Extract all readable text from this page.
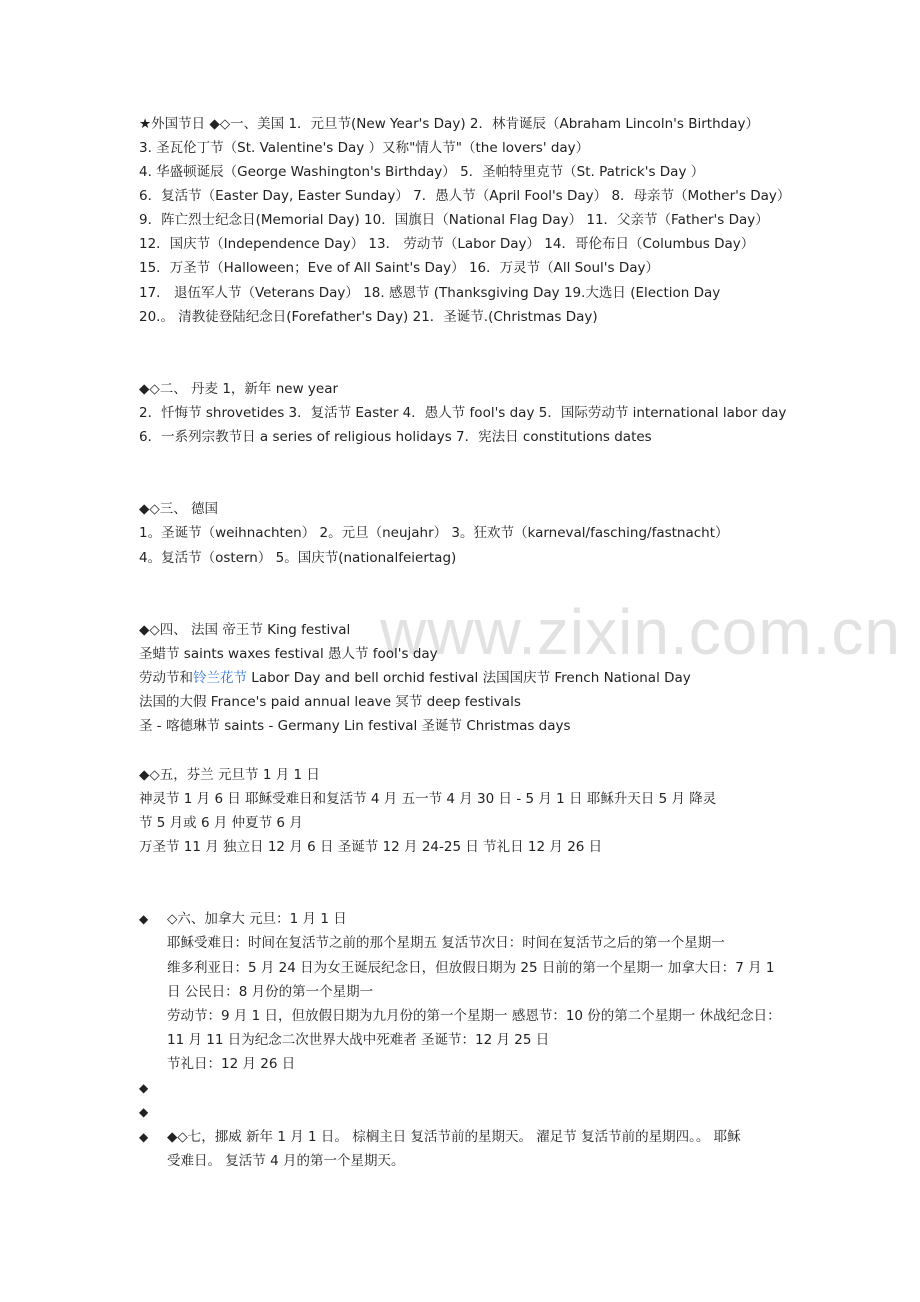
www.zixin.com.cn
★外国节日 ◆◇一、美国 1．元旦节(New Year's Day) 2．林肯诞辰（Abraham Lincoln's Birthday）
3. 圣瓦伦丁节（St. Valentine's Day ）又称"情人节"（the lovers' day）
4. 华盛顿诞辰（George Washington's Birthday） 5．圣帕特里克节（St. Patrick's Day ）
6．复活节（Easter Day, Easter Sunday） 7．愚人节（April Fool's Day） 8．母亲节（Mother's Day）
9．阵亡烈士纪念日(Memorial Day) 10．国旗日（National Flag Day） 11．父亲节（Father's Day）
12．国庆节（Independence Day） 13． 劳动节（Labor Day） 14．哥伦布日（Columbus Day）
15．万圣节（Halloween；Eve of All Saint's Day） 16．万灵节（All Soul's Day）
17． 退伍军人节（Veterans Day） 18. 感恩节 (Thanksgiving Day 19.大选日 (Election Day
20.。 清教徒登陆纪念日(Forefather's Day) 21．圣诞节.(Christmas Day)
◆◇二、 丹麦 1，新年 new year
2．忏悔节 shrovetides 3．复活节 Easter 4．愚人节 fool's day 5．国际劳动节 international labor day
6．一系列宗教节日 a series of religious holidays 7．宪法日 constitutions dates
◆◇三、 德国
1。圣诞节（weihnachten） 2。元旦（neujahr） 3。狂欢节（karneval/fasching/fastnacht）
4。复活节（ostern） 5。国庆节(nationalfeiertag)
◆◇四、 法国 帝王节 King festival
圣蜡节 saints waxes festival 愚人节 fool's day
劳动节和铃兰花节 Labor Day and bell orchid festival 法国国庆节 French National Day
法国的大假 France's paid annual leave 冥节 deep festivals
圣 - 喀德琳节 saints - Germany Lin festival 圣诞节 Christmas days
◆◇五，芬兰 元旦节 1 月 1 日
神灵节 1 月 6 日 耶稣受难日和复活节 4 月 五一节 4 月 30 日 - 5 月 1 日 耶稣升天日 5 月 降灵
节 5 月或 6 月 仲夏节 6 月
万圣节 11 月 独立日 12 月 6 日 圣诞节 12 月 24-25 日 节礼日 12 月 26 日
◆ ◇六、加拿大 元旦：1 月 1 日
耶稣受难日：时间在复活节之前的那个星期五 复活节次日：时间在复活节之后的第一个星期一
维多利亚日：5 月 24 日为女王诞辰纪念日，但放假日期为 25 日前的第一个星期一 加拿大日：7 月 1
日 公民日：8 月份的第一个星期一
劳动节：9 月 1 日，但放假日期为九月份的第一个星期一 感恩节：10 份的第二个星期一 休战纪念日：
11 月 11 日为纪念二次世界大战中死难者 圣诞节：12 月 25 日
节礼日：12 月 26 日
◆
◆
◆ ◆◇七，挪威 新年 1 月 1 日。 棕榈主日 复活节前的星期天。 濯足节 复活节前的星期四。。 耶稣
受难日。 复活节 4 月的第一个星期天。
